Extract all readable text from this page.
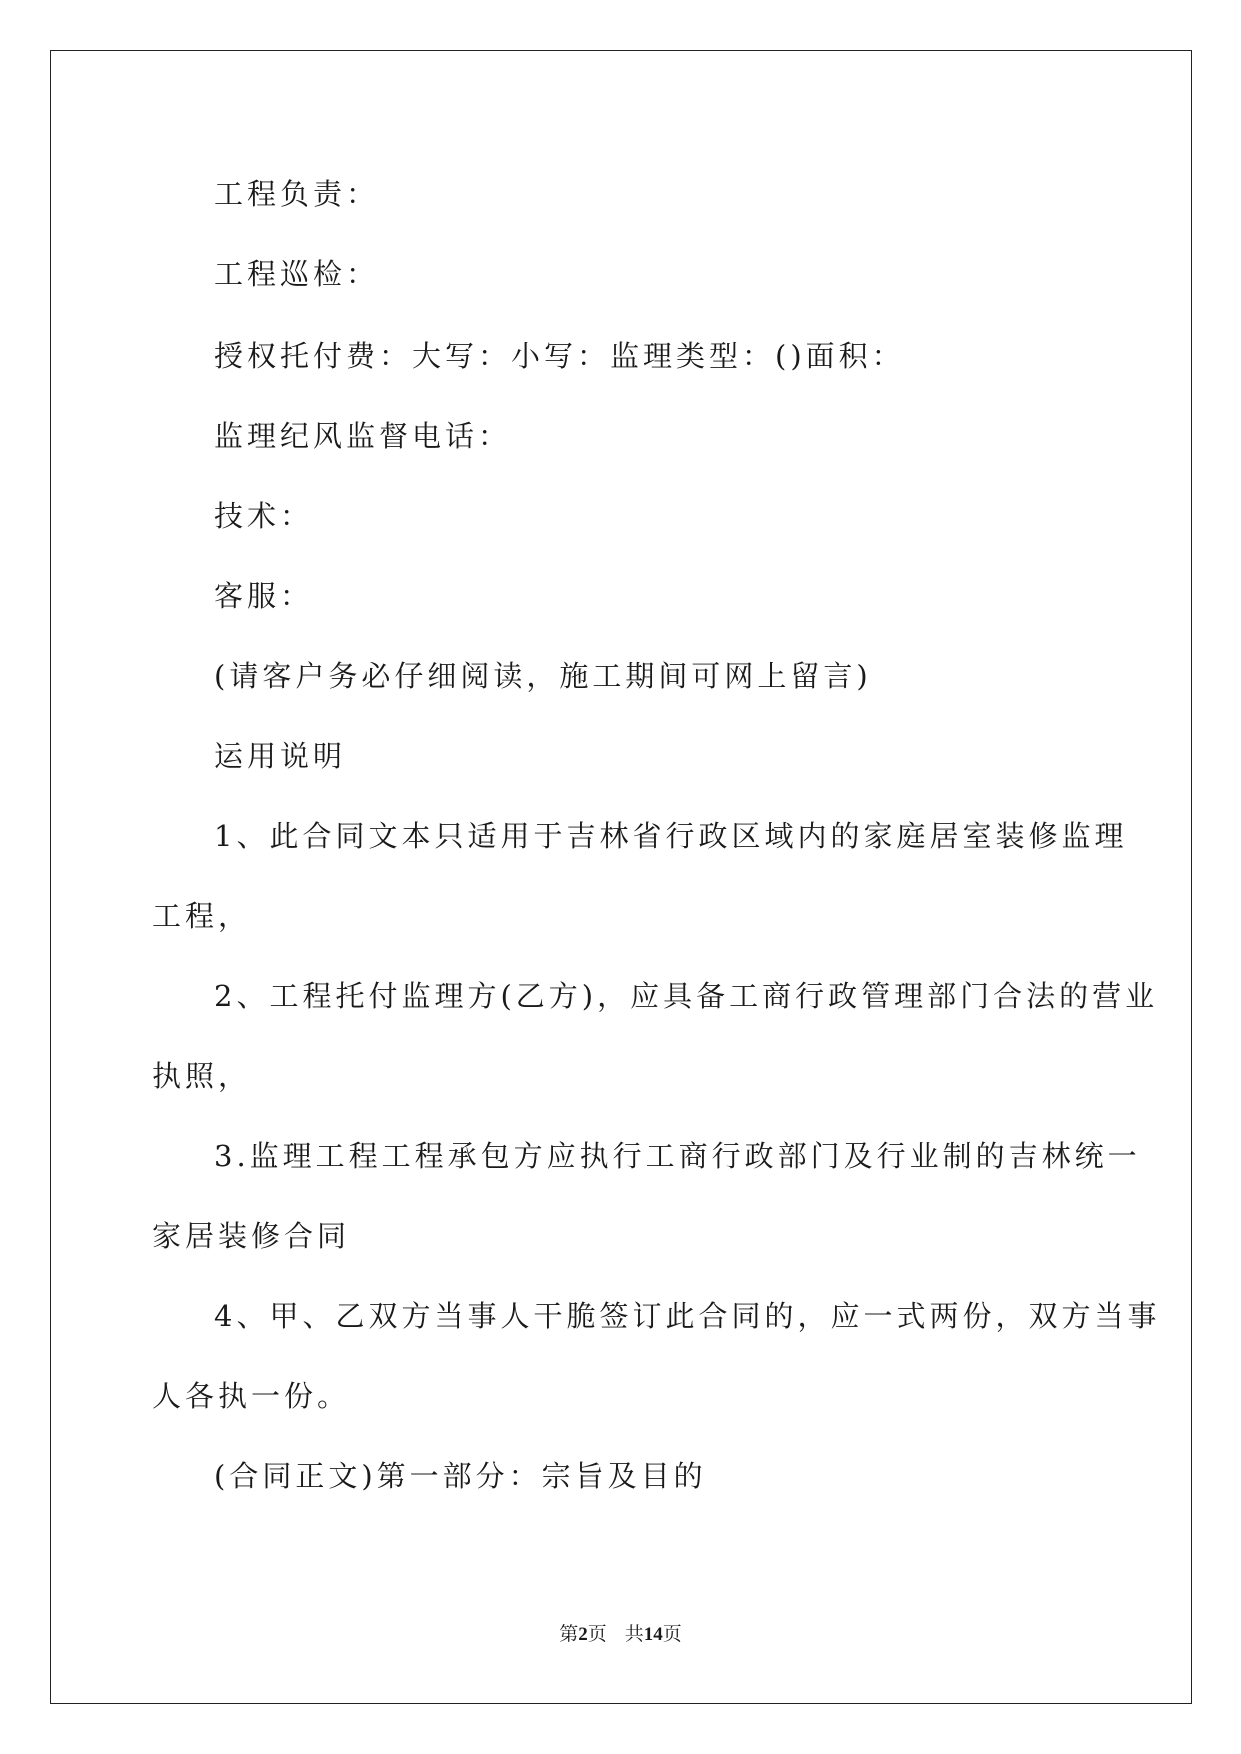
工程负责：
工程巡检：
授权托付费：大写：小写：监理类型：()面积：
监理纪风监督电话：
技术：
客服：
(请客户务必仔细阅读，施工期间可网上留言)
运用说明
1、此合同文本只适用于吉林省行政区域内的家庭居室装修监理
工程，
2、工程托付监理方(乙方)，应具备工商行政管理部门合法的营业
执照，
3.监理工程工程承包方应执行工商行政部门及行业制的吉林统一
家居装修合同
4、甲、乙双方当事人干脆签订此合同的，应一式两份，双方当事
人各执一份。
(合同正文)第一部分：宗旨及目的
第2页 共14页
